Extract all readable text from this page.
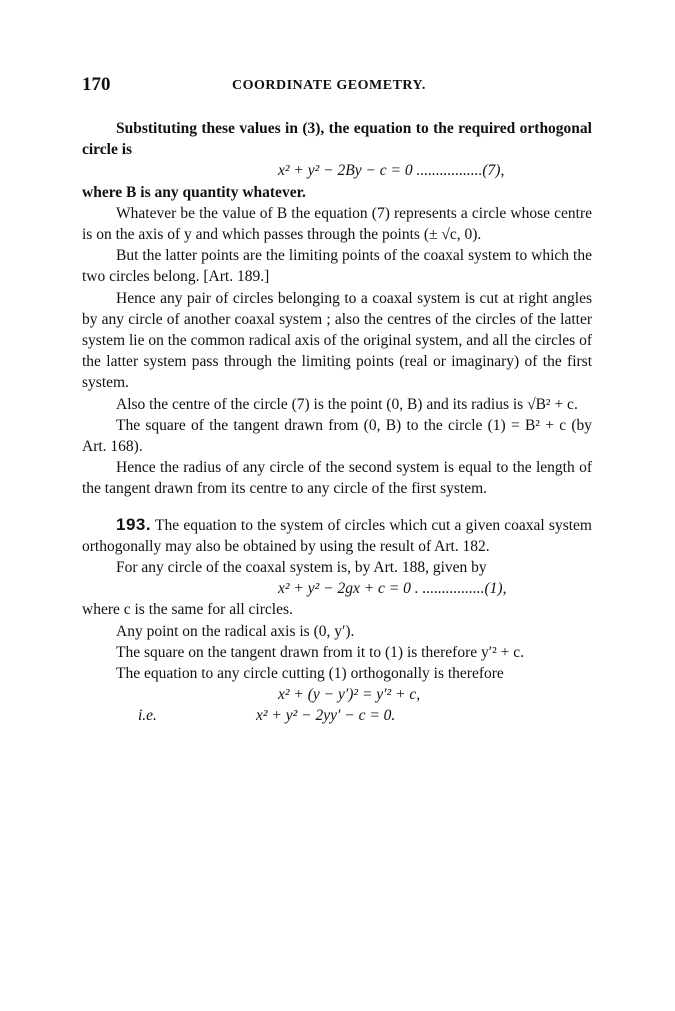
170	COORDINATE GEOMETRY.

Substituting these values in (3), the equation to the required orthogonal circle is

x² + y² − 2By − c = 0 .................(7),

where B is any quantity whatever.

Whatever be the value of B the equation (7) represents a circle whose centre is on the axis of y and which passes through the points (± √c, 0).

But the latter points are the limiting points of the coaxal system to which the two circles belong. [Art. 189.]

Hence any pair of circles belonging to a coaxal system is cut at right angles by any circle of another coaxal system ; also the centres of the circles of the latter system lie on the common radical axis of the original system, and all the circles of the latter system pass through the limiting points (real or imaginary) of the first system.

Also the centre of the circle (7) is the point (0, B) and its radius is √B² + c.

The square of the tangent drawn from (0, B) to the circle (1) = B² + c (by Art. 168).

Hence the radius of any circle of the second system is equal to the length of the tangent drawn from its centre to any circle of the first system.

193. The equation to the system of circles which cut a given coaxal system orthogonally may also be obtained by using the result of Art. 182.

For any circle of the coaxal system is, by Art. 188, given by

x² + y² − 2gx + c = 0 . ................(1),

where c is the same for all circles.

Any point on the radical axis is (0, y′).

The square on the tangent drawn from it to (1) is therefore y′² + c.

The equation to any circle cutting (1) orthogonally is therefore

x² + (y − y′)² = y′² + c,
i.e.	x² + y² − 2yy′ − c = 0.
